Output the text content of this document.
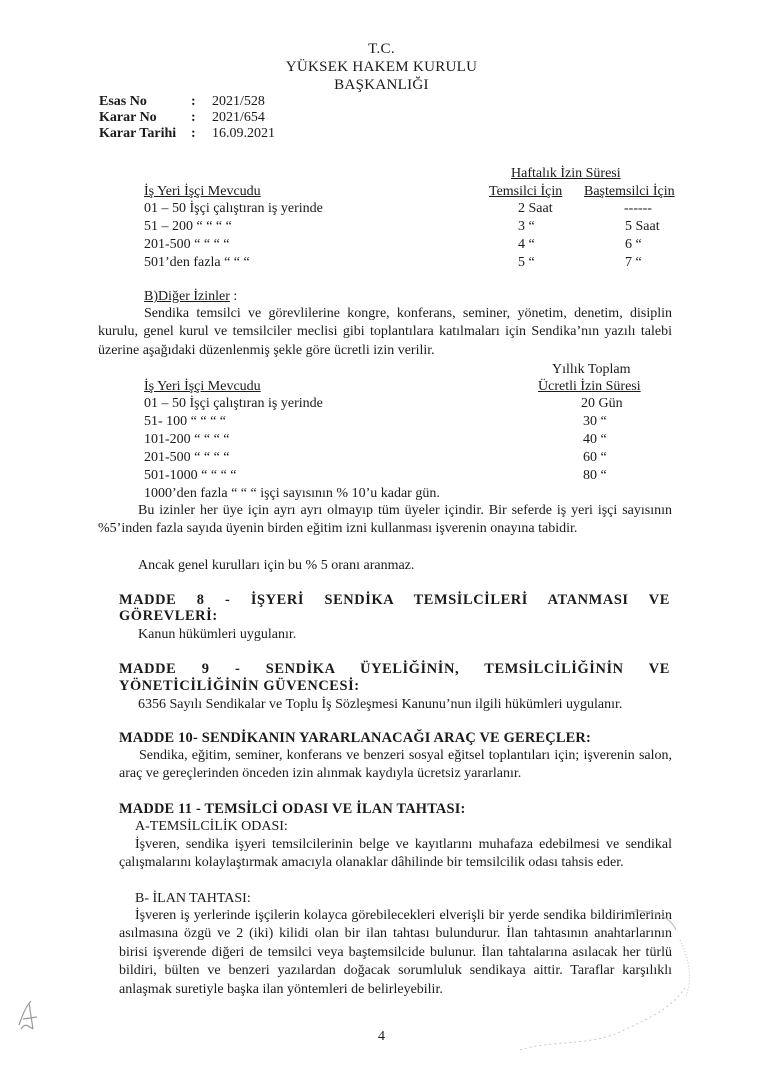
T.C.
YÜKSEK HAKEM KURULU
BAŞKANLIĞI
Esas No	: 2021/528
Karar No : 2021/654
Karar Tarihi : 16.09.2021
Haftalık İzin Süresi
Temsilci İçin Baştemsilci İçin
İş Yeri İşçi Mevcudu
01 – 50 İşçi çalıştıran iş yerinde
51 – 200 “ “ “ “
201-500 “ “ “ “
501’den fazla “ “ “
2 Saat
3 “
4 “
5 “
------
5 Saat
6 “
7 “
B)Diğer İzinler :
Sendika temsilci ve görevlilerine kongre, konferans, seminer, yönetim, denetim, disiplin kurulu, genel kurul ve temsilciler meclisi gibi toplantılara katılmaları için Sendika’nın yazılı talebi üzerine aşağıdaki düzenlenmiş şekle göre ücretli izin verilir.
Yıllık Toplam
Ücretli İzin Süresi
İş Yeri İşçi Mevcudu
01 – 50 İşçi çalıştıran iş yerinde
51- 100 “ “ “ “
101-200 “ “ “ “
201-500 “ “ “ “
501-1000 “ “ “ “
1000’den fazla “ “ “ işçi sayısının % 10’u kadar gün.
20 Gün
30 “
40 “
60 “
80 “
Bu izinler her üye için ayrı ayrı olmayıp tüm üyeler içindir. Bir seferde iş yeri işçi sayısının %5’inden fazla sayıda üyenin birden eğitim izni kullanması işverenin onayına tabidir.
Ancak genel kurulları için bu % 5 oranı aranmaz.
MADDE 8 - İŞYERİ SENDİKA TEMSİLCİLERİ ATANMASI VE
GÖREVLERİ:
Kanun hükümleri uygulanır.
MADDE 9 - SENDİKA ÜYELİĞİNİN, TEMSİLCİLİĞİNİN VE
YÖNETİCİLİĞİNİN GÜVENCESİ:
6356 Sayılı Sendikalar ve Toplu İş Sözleşmesi Kanunu’nun ilgili hükümleri uygulanır.
MADDE 10- SENDİKANIN YARARLANACAĞI ARAÇ VE GEREÇLER:
Sendika, eğitim, seminer, konferans ve benzeri sosyal eğitsel toplantıları için; işverenin salon, araç ve gereçlerinden önceden izin alınmak kaydıyla ücretsiz yararlanır.
MADDE 11 - TEMSİLCİ ODASI VE İLAN TAHTASI:
A-TEMSİLCİLİK ODASI:
İşveren, sendika işyeri temsilcilerinin belge ve kayıtlarını muhafaza edebilmesi ve sendikal çalışmalarını kolaylaştırmak amacıyla olanaklar dâhilinde bir temsilcilik odası tahsis eder.
B- İLAN TAHTASI:
İşveren iş yerlerinde işçilerin kolayca görebilecekleri elverişli bir yerde sendika bildirimlerinin asılmasına özgü ve 2 (iki) kilidi olan bir ilan tahtası bulundurur. İlan tahtasının anahtarlarının birisi işverende diğeri de temsilci veya baştemsilcide bulunur. İlan tahtalarına asılacak her türlü bildiri, bülten ve benzeri yazılardan doğacak sorumluluk sendikaya aittir. Taraflar karşılıklı anlaşmak suretiyle başka ilan yöntemleri de belirleyebilir.
4
